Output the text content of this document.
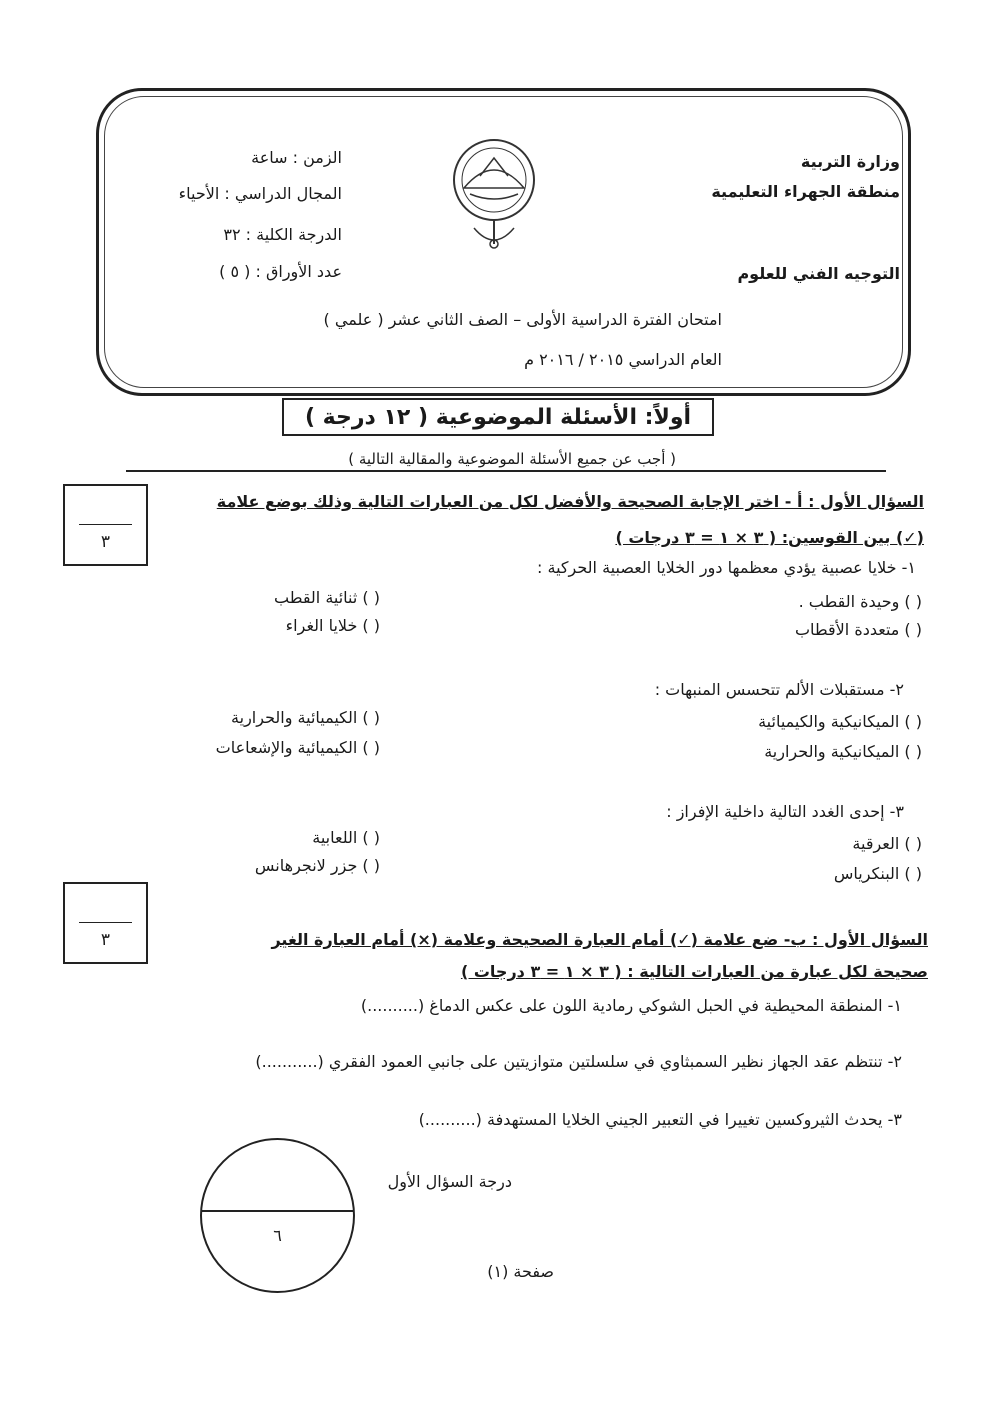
وزارة التربية
منطقة الجهراء التعليمية
التوجيه الفني للعلوم
الزمن : ساعة
المجال الدراسي : الأحياء
الدرجة الكلية : ٣٢
عدد الأوراق : ( ٥ )
امتحان الفترة الدراسية الأولى – الصف الثاني عشر ( علمي )
العام الدراسي ٢٠١٥ / ٢٠١٦ م
أولاً: الأسئلة الموضوعية ( ١٢ درجة )
( أجب عن جميع الأسئلة الموضوعية والمقالية التالية )
٣
السؤال الأول : أ - اختر الإجابة الصحيحة والأفضل لكل من العبارات التالية وذلك بوضع علامة
(✓) بين القوسين: ( ٣ × ١ = ٣ درجات )
١- خلايا عصبية يؤدي معظمها دور الخلايا العصبية الحركية :
( ) وحيدة القطب .
( ) ثنائية القطب
( ) متعددة الأقطاب
( ) خلايا الغراء
٢- مستقبلات الألم تتحسس المنبهات :
( ) الميكانيكية والكيميائية
( ) الكيميائية والحرارية
( ) الميكانيكية والحرارية
( ) الكيميائية والإشعاعات
٣- إحدى الغدد التالية داخلية الإفراز :
( ) العرقية
( ) اللعابية
( ) البنكرياس
( ) جزر لانجرهانس
٣	السؤال الأول : ب- ضع علامة (✓) أمام العبارة الصحيحة وعلامة (×) أمام العبارة الغير
صحيحة لكل عبارة من العبارات التالية : ( ٣ × ١ = ٣ درجات )
١- المنطقة المحيطية في الحبل الشوكي رمادية اللون على عكس الدماغ (..........)
٢- تنتظم عقد الجهاز نظير السمبثاوي في سلسلتين متوازيتين على جانبي العمود الفقري (...........)
٣- يحدث الثيروكسين تغييرا في التعبير الجيني الخلايا المستهدفة (..........)
٦
درجة السؤال الأول
صفحة (١)
